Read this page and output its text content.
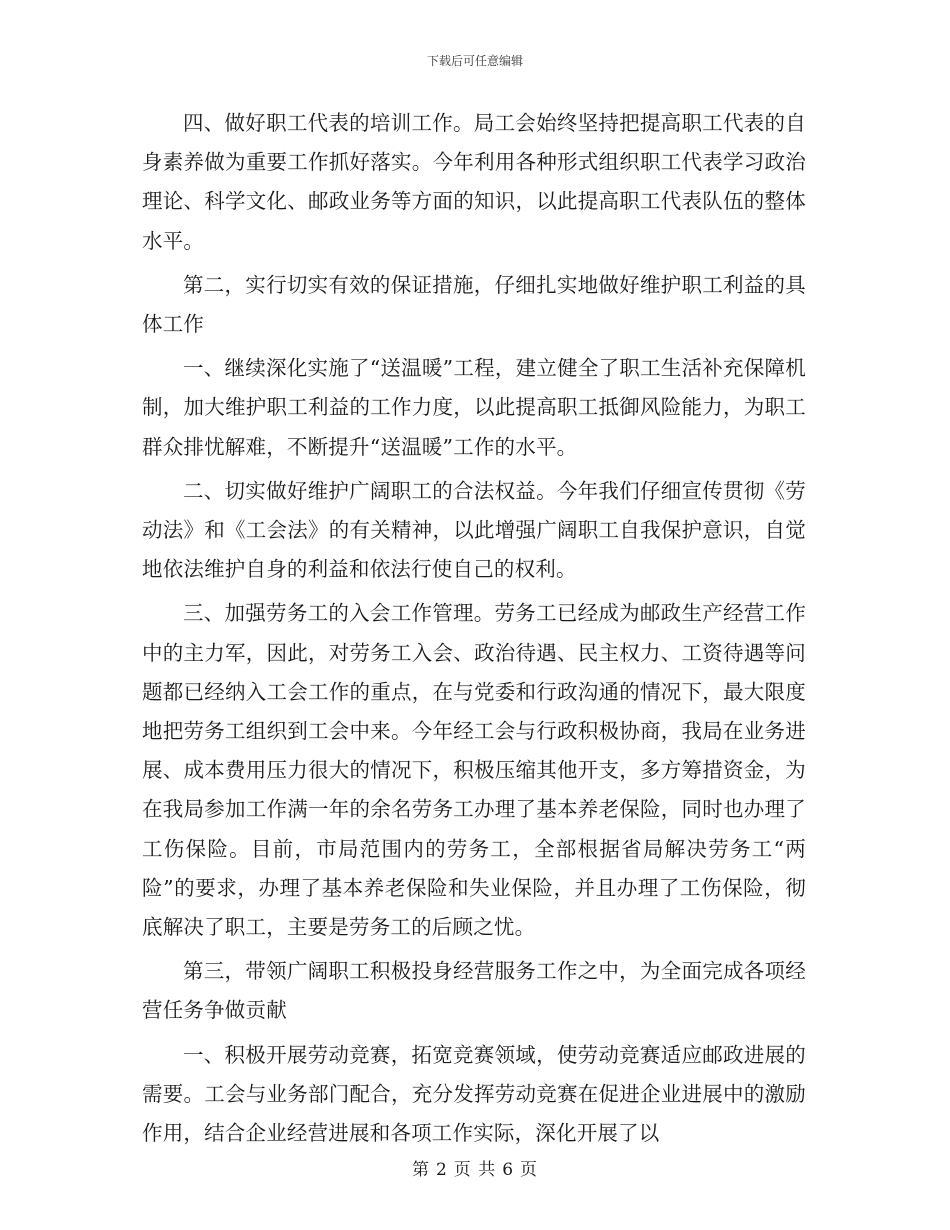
下载后可任意编辑

四、做好职工代表的培训工作。局工会始终坚持把提高职工代表的自身素养做为重要工作抓好落实。今年利用各种形式组织职工代表学习政治理论、科学文化、邮政业务等方面的知识，以此提高职工代表队伍的整体水平。

第二，实行切实有效的保证措施，仔细扎实地做好维护职工利益的具体工作

一、继续深化实施了“送温暖”工程，建立健全了职工生活补充保障机制，加大维护职工利益的工作力度，以此提高职工抵御风险能力，为职工群众排忧解难，不断提升“送温暖”工作的水平。

二、切实做好维护广阔职工的合法权益。今年我们仔细宣传贯彻《劳动法》和《工会法》的有关精神，以此增强广阔职工自我保护意识，自觉地依法维护自身的利益和依法行使自己的权利。

三、加强劳务工的入会工作管理。劳务工已经成为邮政生产经营工作中的主力军，因此，对劳务工入会、政治待遇、民主权力、工资待遇等问题都已经纳入工会工作的重点，在与党委和行政沟通的情况下，最大限度地把劳务工组织到工会中来。今年经工会与行政积极协商，我局在业务进展、成本费用压力很大的情况下，积极压缩其他开支，多方筹措资金，为在我局参加工作满一年的余名劳务工办理了基本养老保险，同时也办理了工伤保险。目前，市局范围内的劳务工，全部根据省局解决劳务工“两险”的要求，办理了基本养老保险和失业保险，并且办理了工伤保险，彻底解决了职工，主要是劳务工的后顾之忧。

第三，带领广阔职工积极投身经营服务工作之中，为全面完成各项经营任务争做贡献

一、积极开展劳动竞赛，拓宽竞赛领域，使劳动竞赛适应邮政进展的需要。工会与业务部门配合，充分发挥劳动竞赛在促进企业进展中的激励作用，结合企业经营进展和各项工作实际，深化开展了以

第 2 页 共 6 页
